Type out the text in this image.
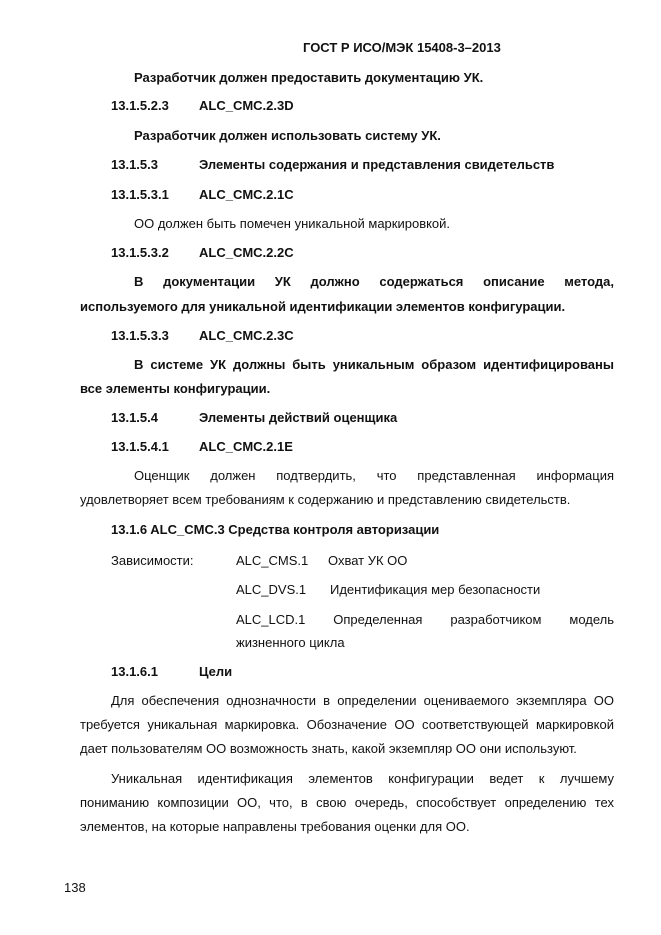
ГОСТ Р ИСО/МЭК 15408-3–2013
Разработчик должен предоставить документацию УК.
13.1.5.2.3 ALC_CMC.2.3D
Разработчик должен использовать систему УК.
13.1.5.3	Элементы содержания и представления свидетельств
13.1.5.3.1 ALC_CMC.2.1C
ОО должен быть помечен уникальной маркировкой.
13.1.5.3.2 ALC_CMC.2.2C
В документации УК должно содержаться описание метода,
используемого для уникальной идентификации элементов конфигурации.
13.1.5.3.3 ALC_CMC.2.3C
В системе УК должны быть уникальным образом идентифицированы
все элементы конфигурации.
13.1.5.4	Элементы действий оценщика
13.1.5.4.1 ALC_CMC.2.1E
Оценщик должен подтвердить, что представленная информация
удовлетворяет всем требованиям к содержанию и представлению свидетельств.
13.1.6 ALC_CMC.3 Средства контроля авторизации
Зависимости:	ALC_CMS.1 Охват УК ОО
ALC_DVS.1 Идентификация мер безопасности
ALC_LCD.1 Определенная разработчиком модель
жизненного цикла
13.1.6.1	Цели
Для обеспечения однозначности в определении оцениваемого экземпляра ОО
требуется уникальная маркировка. Обозначение ОО соответствующей маркировкой
дает пользователям ОО возможность знать, какой экземпляр ОО они используют.
Уникальная идентификация элементов конфигурации ведет к лучшему
пониманию композиции ОО, что, в свою очередь, способствует определению тех
элементов, на которые направлены требования оценки для ОО.
138
